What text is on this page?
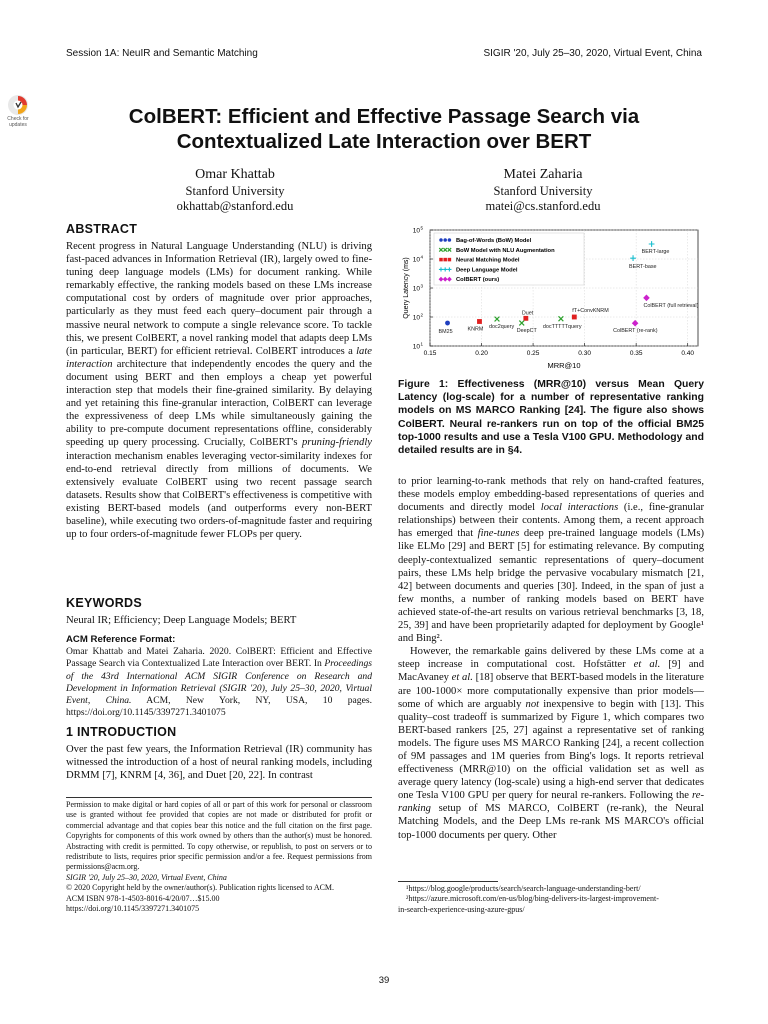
Session 1A: NeuIR and Semantic Matching	SIGIR '20, July 25–30, 2020, Virtual Event, China
Check for
updates	ColBERT: Efficient and Effective Passage Search via
Contextualized Late Interaction over BERT
Omar Khattab
Stanford University
okhattab@stanford.edu
Matei Zaharia
Stanford University
matei@cs.stanford.edu
ABSTRACT

Recent progress in Natural Language Understanding (NLU) is driving fast-paced advances in Information Retrieval (IR), largely owed to fine-tuning deep language models (LMs) for document ranking. While remarkably effective, the ranking models based on these LMs increase computational cost by orders of magnitude over prior approaches, particularly as they must feed each query–document pair through a massive neural network to compute a single relevance score. To tackle this, we present ColBERT, a novel ranking model that adapts deep LMs (in particular, BERT) for efficient retrieval. ColBERT introduces a late interaction architecture that independently encodes the query and the document using BERT and then employs a cheap yet powerful interaction step that models their fine-grained similarity. By delaying and yet retaining this fine-granular interaction, ColBERT can leverage the expressiveness of deep LMs while simultaneously gaining the ability to pre-compute document representations offline, considerably speeding up query processing. Crucially, ColBERT's pruning-friendly interaction mechanism enables leveraging vector-similarity indexes for end-to-end retrieval directly from millions of documents. We extensively evaluate ColBERT using two recent passage search datasets. Results show that ColBERT's effectiveness is competitive with existing BERT-based models (and outperforms every non-BERT baseline), while executing two orders-of-magnitude faster and requiring up to four orders-of-magnitude fewer FLOPs per query.

KEYWORDS
Neural IR; Efficiency; Deep Language Models; BERT
ACM Reference Format:
Omar Khattab and Matei Zaharia. 2020. ColBERT: Efficient and Effective Passage Search via Contextualized Late Interaction over BERT. In Proceedings of the 43rd International ACM SIGIR Conference on Research and Development in Information Retrieval (SIGIR '20), July 25–30, 2020, Virtual Event, China. ACM, New York, NY, USA, 10 pages. https://doi.org/10.1145/3397271.3401075
1 INTRODUCTION
Over the past few years, the Information Retrieval (IR) community has witnessed the introduction of a host of neural ranking models, including DRMM [7], KNRM [4, 36], and Duet [20, 22]. In contrast
Permission to make digital or hard copies of all or part of this work for personal or classroom use is granted without fee provided that copies are not made or distributed for profit or commercial advantage and that copies bear this notice and the full citation on the first page. Copyrights for components of this work owned by others than the author(s) must be honored. Abstracting with credit is permitted. To copy otherwise, or republish, to post on servers or to redistribute to lists, requires prior specific permission and/or a fee. Request permissions from permissions@acm.org.
SIGIR '20, July 25–30, 2020, Virtual Event, China
© 2020 Copyright held by the owner/author(s). Publication rights licensed to ACM.
ACM ISBN 978-1-4503-8016-4/20/07…$15.00
https://doi.org/10.1145/3397271.3401075
10 1
10 2
10 3
10 4
10 5
0.15	0.20	0.25	0.30	0.35	0.40
BM25	KNRM doc2query
Duet
DeepCT
fT+ConvKNRM
docTTTTTquery
BERT-base
BERT-large
ColBERT (full retrieval)
ColBERT (re-rank)
Bag-of-Words (BoW) Model
BoW Model with NLU Augmentation
Neural Matching Model
Deep Language Model
ColBERT (ours)
MRR@10
Query Latency (ms)
Figure 1: Effectiveness (MRR@10) versus Mean Query Latency (log-scale) for a number of representative ranking models on MS MARCO Ranking [24]. The figure also shows ColBERT. Neural re-rankers run on top of the official BM25 top-1000 results and use a Tesla V100 GPU. Methodology and detailed results are in §4.

to prior learning-to-rank methods that rely on hand-crafted features, these models employ embedding-based representations of queries and documents and directly model local interactions (i.e., fine-granular relationships) between their contents. Among them, a recent approach has emerged that fine-tunes deep pre-trained language models (LMs) like ELMo [29] and BERT [5] for estimating relevance. By computing deeply-contextualized semantic representations of query–document pairs, these LMs help bridge the pervasive vocabulary mismatch [21, 42] between documents and queries [30]. Indeed, in the span of just a few months, a number of ranking models based on BERT have achieved state-of-the-art results on various retrieval benchmarks [3, 18, 25, 39] and have been proprietarily adapted for deployment by Google¹ and Bing².

However, the remarkable gains delivered by these LMs come at a steep increase in computational cost. Hofstätter et al. [9] and MacAvaney et al. [18] observe that BERT-based models in the literature are 100-1000× more computationally expensive than prior models—some of which are arguably not inexpensive to begin with [13]. This quality–cost tradeoff is summarized by Figure 1, which compares two BERT-based rankers [25, 27] against a representative set of ranking models. The figure uses MS MARCO Ranking [24], a recent collection of 9M passages and 1M queries from Bing's logs. It reports retrieval effectiveness (MRR@10) on the official validation set as well as average query latency (log-scale) using a high-end server that dedicates one Tesla V100 GPU per query for neural re-rankers. Following the re-ranking setup of MS MARCO, ColBERT (re-rank), the Neural Matching Models, and the Deep LMs re-rank MS MARCO's official top-1000 documents per query. Other

¹https://blog.google/products/search/search-language-understanding-bert/
²https://azure.microsoft.com/en-us/blog/bing-delivers-its-largest-improvement-
in-search-experience-using-azure-gpus/
39
